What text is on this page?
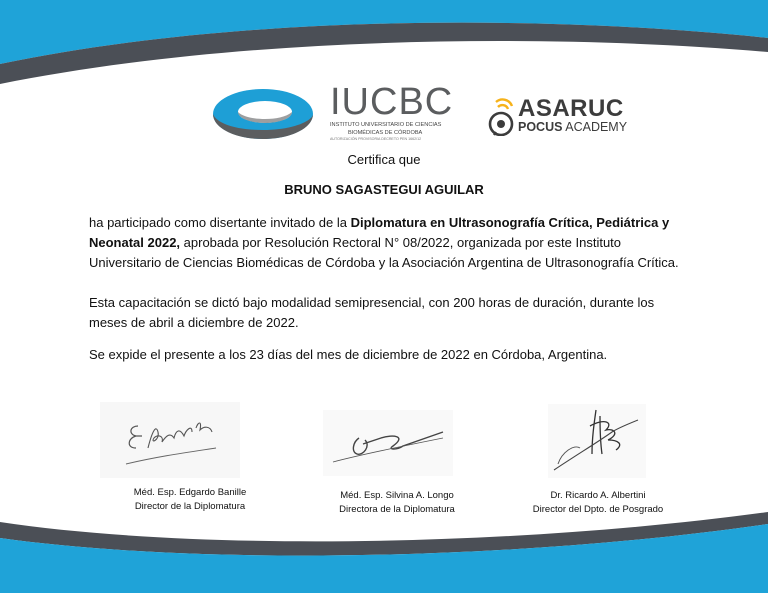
IUCBC
INSTITUTO UNIVERSITARIO DE CIENCIAS
BIOMÉDICAS DE CÓRDOBA
AUTORIZACIÓN PROVISORIA DECRETO PEN 1662/12
ASARUC
POCUS ACADEMY
Certifica que
BRUNO SAGASTEGUI AGUILAR
ha participado como disertante invitado de la Diplomatura en Ultrasonografía Crítica, Pediátrica y Neonatal 2022, aprobada por Resolución Rectoral N° 08/2022, organizada por este Instituto Universitario de Ciencias Biomédicas de Córdoba y la Asociación Argentina de Ultrasonografía Crítica.
Esta capacitación se dictó bajo modalidad semipresencial, con 200 horas de duración, durante los meses de abril a diciembre de 2022.
Se expide el presente a los 23 días del mes de diciembre de 2022 en Córdoba, Argentina.
Méd. Esp. Edgardo Banille
Director de la Diplomatura
Méd. Esp. Silvina A. Longo
Directora de la Diplomatura
Dr. Ricardo A. Albertini
Director del Dpto. de Posgrado
